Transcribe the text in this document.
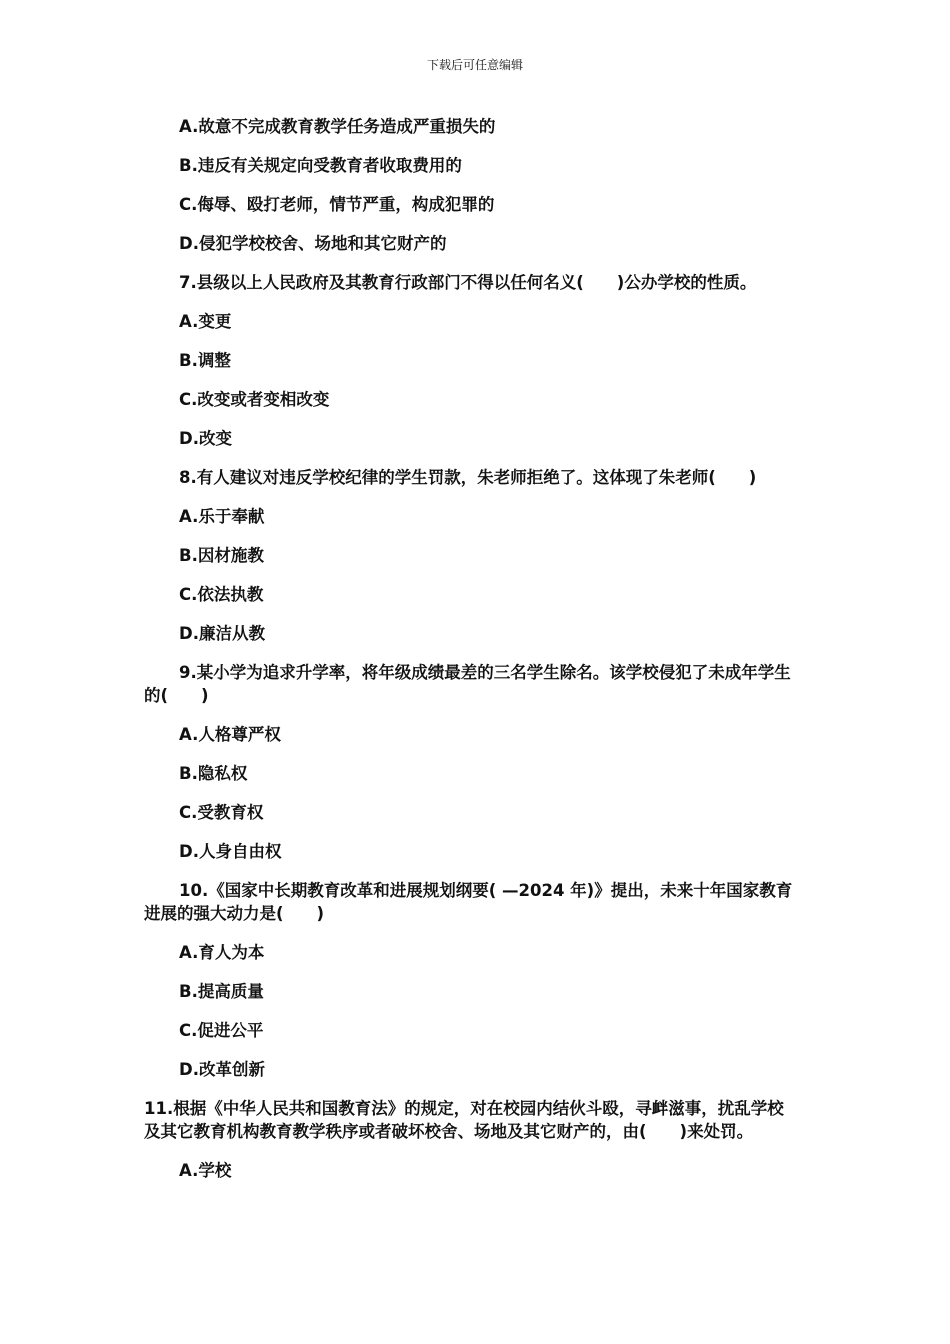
下载后可任意编辑

A.故意不完成教育教学任务造成严重损失的

B.违反有关规定向受教育者收取费用的

C.侮辱、殴打老师，情节严重，构成犯罪的

D.侵犯学校校舍、场地和其它财产的

7.县级以上人民政府及其教育行政部门不得以任何名义(　　)公办学校的性质。

A.变更

B.调整

C.改变或者变相改变

D.改变

8.有人建议对违反学校纪律的学生罚款，朱老师拒绝了。这体现了朱老师(　　)

A.乐于奉献

B.因材施教

C.依法执教

D.廉洁从教

9.某小学为追求升学率，将年级成绩最差的三名学生除名。该学校侵犯了未成年学生的(　　)

A.人格尊严权

B.隐私权

C.受教育权

D.人身自由权

10.《国家中长期教育改革和进展规划纲要( —2024 年)》提出，未来十年国家教育进展的强大动力是(　　)

A.育人为本

B.提高质量

C.促进公平

D.改革创新

11.根据《中华人民共和国教育法》的规定，对在校园内结伙斗殴，寻衅滋事，扰乱学校及其它教育机构教育教学秩序或者破坏校舍、场地及其它财产的，由(　　)来处罚。

A.学校
